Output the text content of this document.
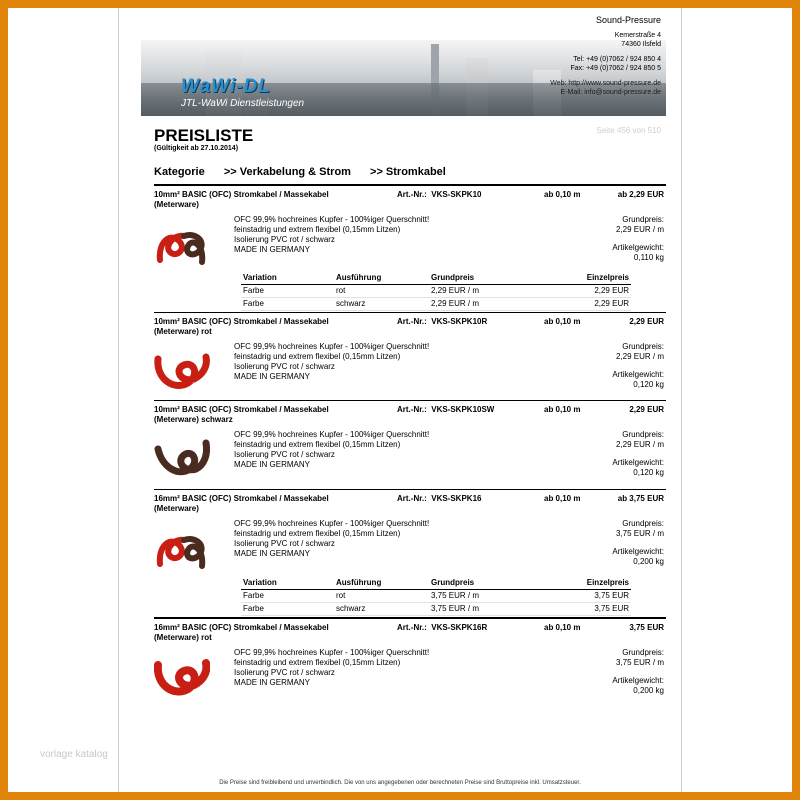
vorlage katalog
WaWi-DL
JTL-WaWi Dienstleistungen
Sound-Pressure
Kemerstraße 4
74360 Ilsfeld
Tel: +49 (0)7062 / 924 850 4
Fax: +49 (0)7062 / 924 850 5
Web: http://www.sound-pressure.de
E-Mail: info@sound-pressure.de
PREISLISTE
(Gültigkeit ab 27.10.2014)
Seite 456 von 510
Kategorie >> Verkabelung & Strom >> Stromkabel
10mm² BASIC (OFC) Stromkabel / Massekabel (Meterware)
Art.-Nr.: VKS-SKPK10	ab 0,10 m	ab 2,29 EUR
OFC 99,9% hochreines Kupfer - 100%iger Querschnitt!
feinstadrig und extrem flexibel (0,15mm Litzen)
Isolierung PVC rot / schwarz
MADE IN GERMANY
Grundpreis:
2,29 EUR / m
Artikelgewicht:
0,110 kg
Variation	Ausführung	Grundpreis	Einzelpreis
Farbe	rot	2,29 EUR / m	2,29 EUR
Farbe	schwarz	2,29 EUR / m	2,29 EUR
10mm² BASIC (OFC) Stromkabel / Massekabel (Meterware) rot
Art.-Nr.: VKS-SKPK10R	ab 0,10 m	2,29 EUR
OFC 99,9% hochreines Kupfer - 100%iger Querschnitt!
feinstadrig und extrem flexibel (0,15mm Litzen)
Isolierung PVC rot / schwarz
MADE IN GERMANY
Grundpreis:
2,29 EUR / m
Artikelgewicht:
0,120 kg
10mm² BASIC (OFC) Stromkabel / Massekabel (Meterware) schwarz
Art.-Nr.: VKS-SKPK10SW	ab 0,10 m	2,29 EUR
OFC 99,9% hochreines Kupfer - 100%iger Querschnitt!
feinstadrig und extrem flexibel (0,15mm Litzen)
Isolierung PVC rot / schwarz
MADE IN GERMANY
Grundpreis:
2,29 EUR / m
Artikelgewicht:
0,120 kg
16mm² BASIC (OFC) Stromkabel / Massekabel (Meterware)
Art.-Nr.: VKS-SKPK16	ab 0,10 m	ab 3,75 EUR
OFC 99,9% hochreines Kupfer - 100%iger Querschnitt!
feinstadrig und extrem flexibel (0,15mm Litzen)
Isolierung PVC rot / schwarz
MADE IN GERMANY
Grundpreis:
3,75 EUR / m
Artikelgewicht:
0,200 kg
Variation	Ausführung	Grundpreis	Einzelpreis
Farbe	rot	3,75 EUR / m	3,75 EUR
Farbe	schwarz	3,75 EUR / m	3,75 EUR
16mm² BASIC (OFC) Stromkabel / Massekabel (Meterware) rot
Art.-Nr.: VKS-SKPK16R	ab 0,10 m	3,75 EUR
OFC 99,9% hochreines Kupfer - 100%iger Querschnitt!
feinstadrig und extrem flexibel (0,15mm Litzen)
Isolierung PVC rot / schwarz
MADE IN GERMANY
Grundpreis:
3,75 EUR / m
Artikelgewicht:
0,200 kg
Die Preise sind freibleibend und unverbindlich. Die von uns angegebenen oder berechneten Preise sind Bruttopreise inkl. Umsatzsteuer.
